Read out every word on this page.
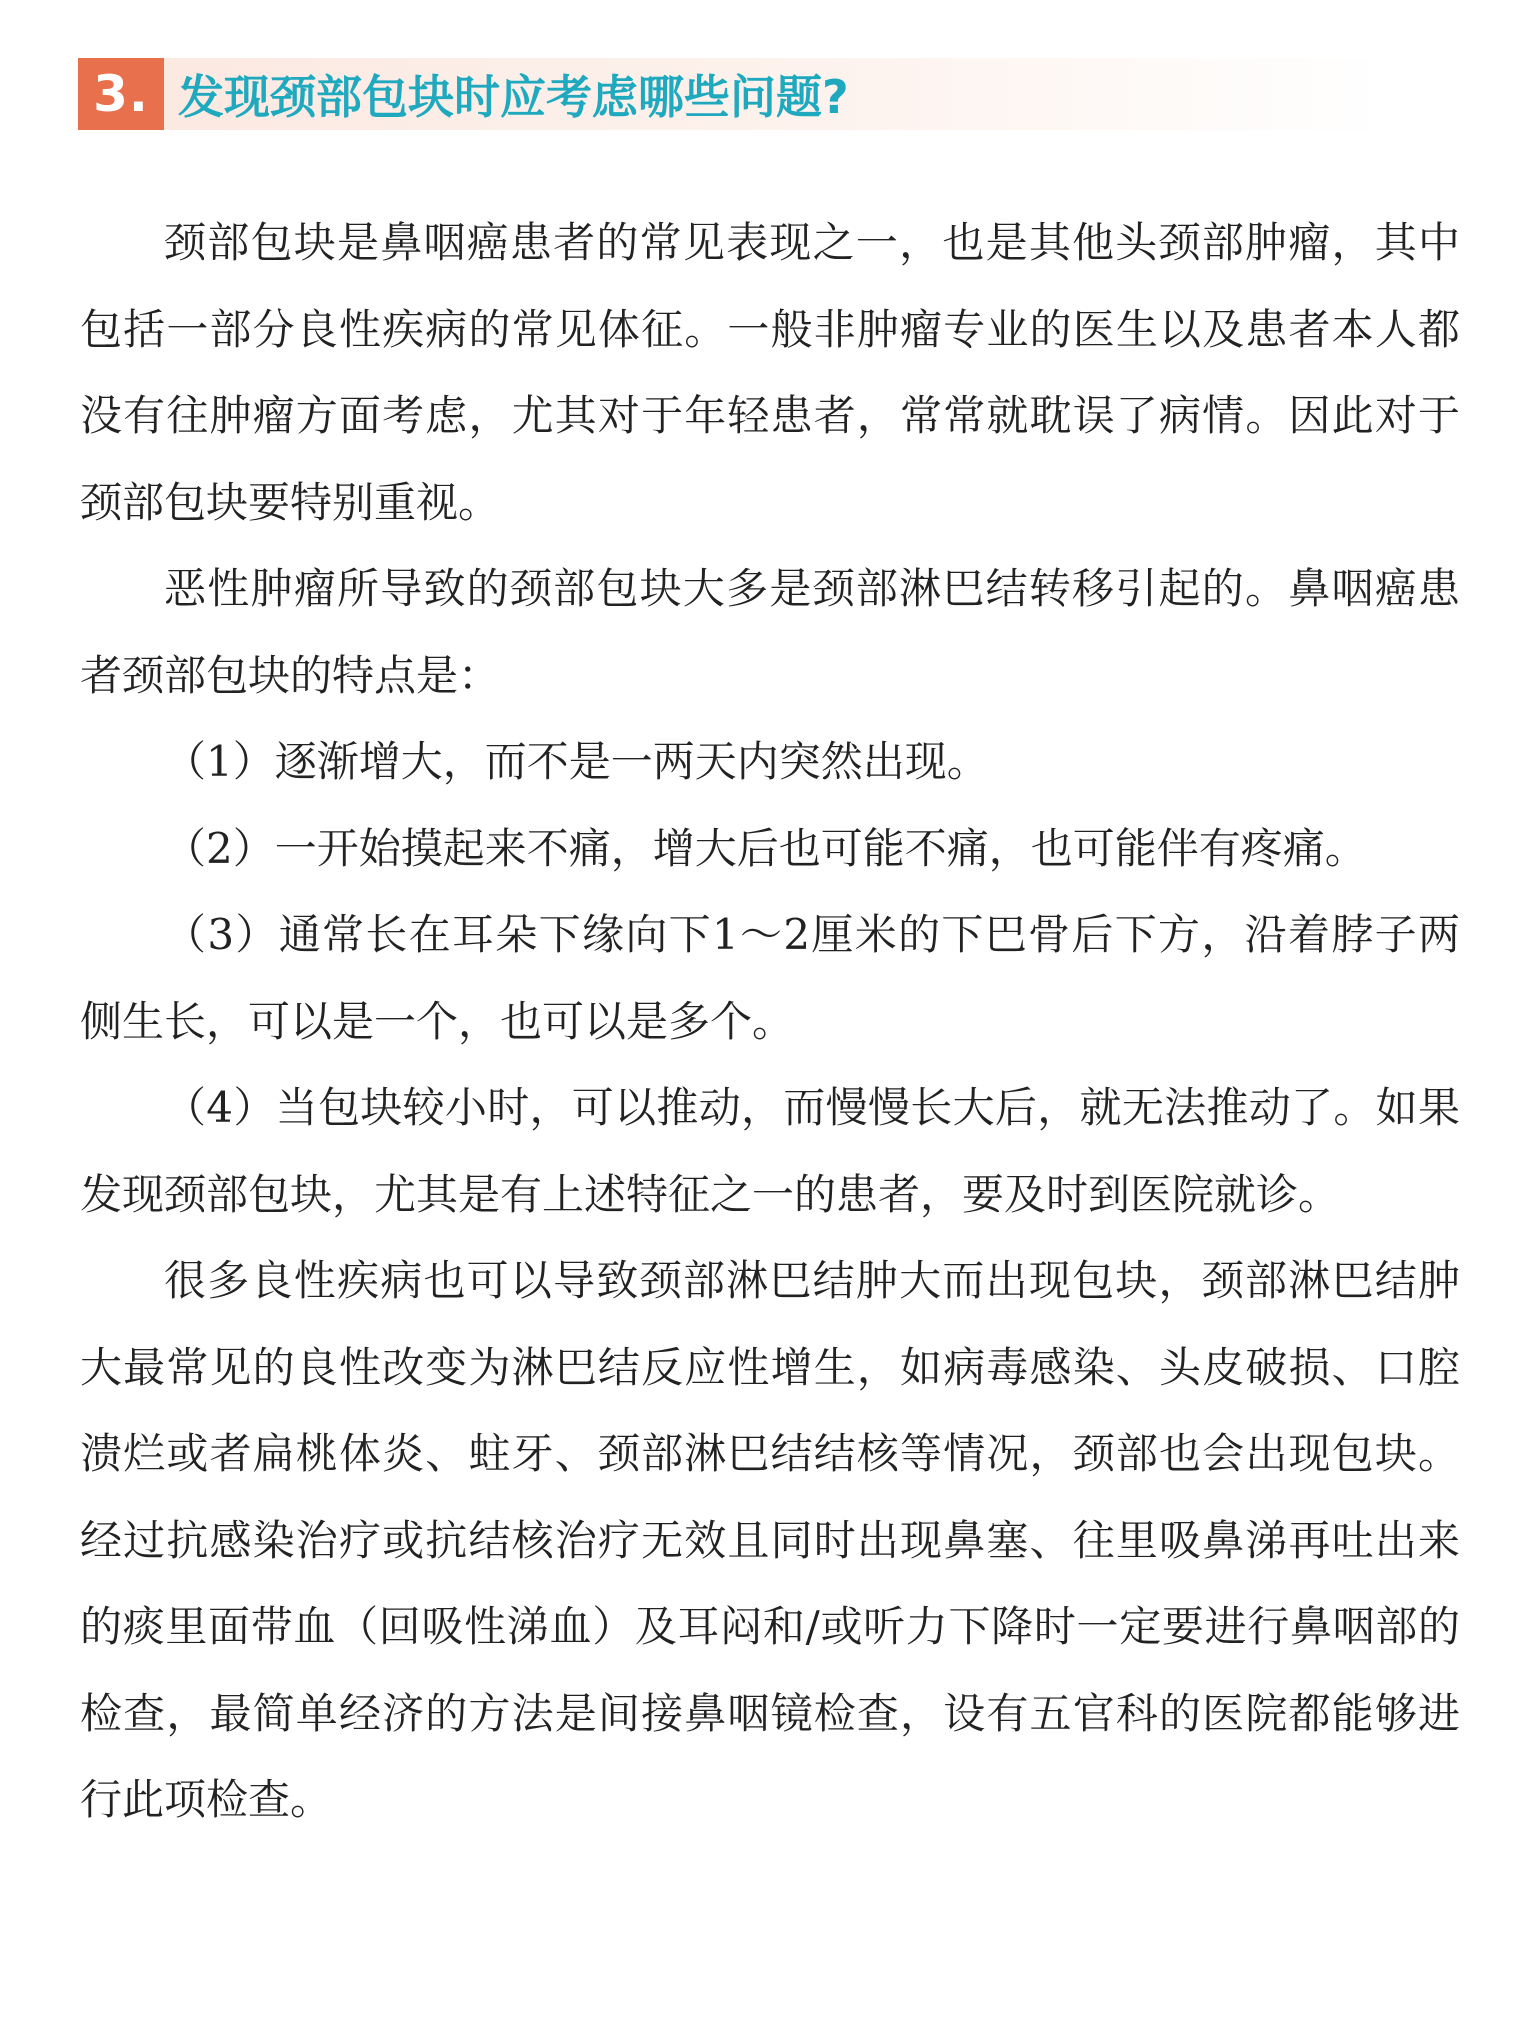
3. 发现颈部包块时应考虑哪些问题?

颈部包块是鼻咽癌患者的常见表现之一，也是其他头颈部肿瘤，其中包括一部分良性疾病的常见体征。一般非肿瘤专业的医生以及患者本人都没有往肿瘤方面考虑，尤其对于年轻患者，常常就耽误了病情。因此对于颈部包块要特别重视。

恶性肿瘤所导致的颈部包块大多是颈部淋巴结转移引起的。鼻咽癌患者颈部包块的特点是：

（1）逐渐增大，而不是一两天内突然出现。

（2）一开始摸起来不痛，增大后也可能不痛，也可能伴有疼痛。

（3）通常长在耳朵下缘向下1～2厘米的下巴骨后下方，沿着脖子两侧生长，可以是一个，也可以是多个。

（4）当包块较小时，可以推动，而慢慢长大后，就无法推动了。如果发现颈部包块，尤其是有上述特征之一的患者，要及时到医院就诊。

很多良性疾病也可以导致颈部淋巴结肿大而出现包块，颈部淋巴结肿大最常见的良性改变为淋巴结反应性增生，如病毒感染、头皮破损、口腔溃烂或者扁桃体炎、蛀牙、颈部淋巴结结核等情况，颈部也会出现包块。经过抗感染治疗或抗结核治疗无效且同时出现鼻塞、往里吸鼻涕再吐出来的痰里面带血（回吸性涕血）及耳闷和/或听力下降时一定要进行鼻咽部的检查，最简单经济的方法是间接鼻咽镜检查，设有五官科的医院都能够进行此项检查。
